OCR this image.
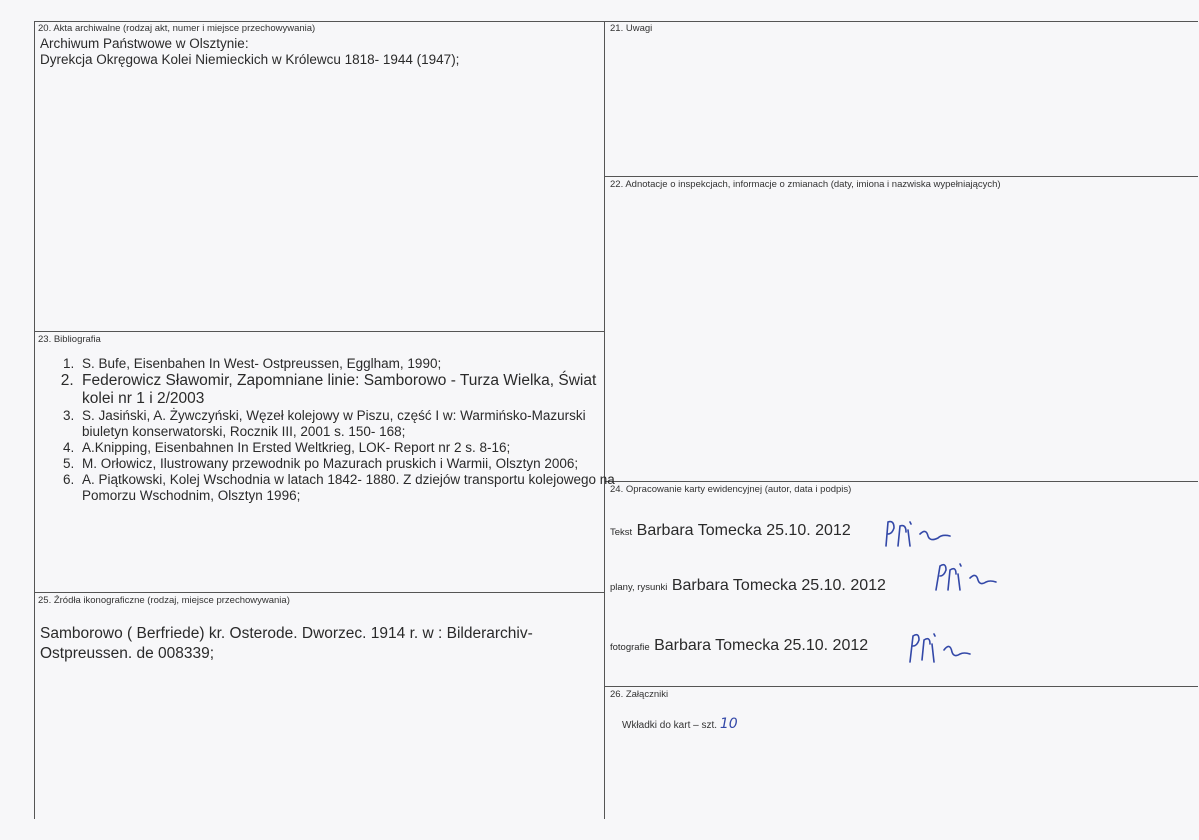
20. Akta archiwalne (rodzaj akt, numer i miejsce przechowywania)
Archiwum Państwowe w Olsztynie:
Dyrekcja Okręgowa Kolei Niemieckich w Królewcu 1818- 1944 (1947);
21. Uwagi
22. Adnotacje o inspekcjach, informacje o zmianach (daty, imiona i nazwiska wypełniających)
23. Bibliografia
1. S. Bufe, Eisenbahen In West- Ostpreussen, Egglham, 1990;
2. Federowicz Sławomir, Zapomniane linie: Samborowo - Turza Wielka, Świat kolei nr 1 i 2/2003
3. S. Jasiński, A. Żywczyński, Węzeł kolejowy w Piszu, część I w: Warmińsko-Mazurski biuletyn konserwatorski, Rocznik III, 2001 s. 150- 168;
4. A.Knipping, Eisenbahnen In Ersted Weltkrieg, LOK- Report nr 2 s. 8-16;
5. M. Orłowicz, Ilustrowany przewodnik po Mazurach pruskich i Warmii, Olsztyn 2006;
6. A. Piątkowski, Kolej Wschodnia w latach 1842- 1880. Z dziejów transportu kolejowego na Pomorzu Wschodnim, Olsztyn 1996;	24. Opracowanie karty ewidencyjnej (autor, data i podpis)
Tekst Barbara Tomecka 25.10. 2012
plany, rysunki Barbara Tomecka 25.10. 2012
fotografie Barbara Tomecka 25.10. 2012
25. Źródła ikonograficzne (rodzaj, miejsce przechowywania)
Samborowo ( Berfriede) kr. Osterode. Dworzec. 1914 r. w : Bilderarchiv-Ostpreussen. de 008339;
26. Załączniki
Wkładki do kart – szt. 10
